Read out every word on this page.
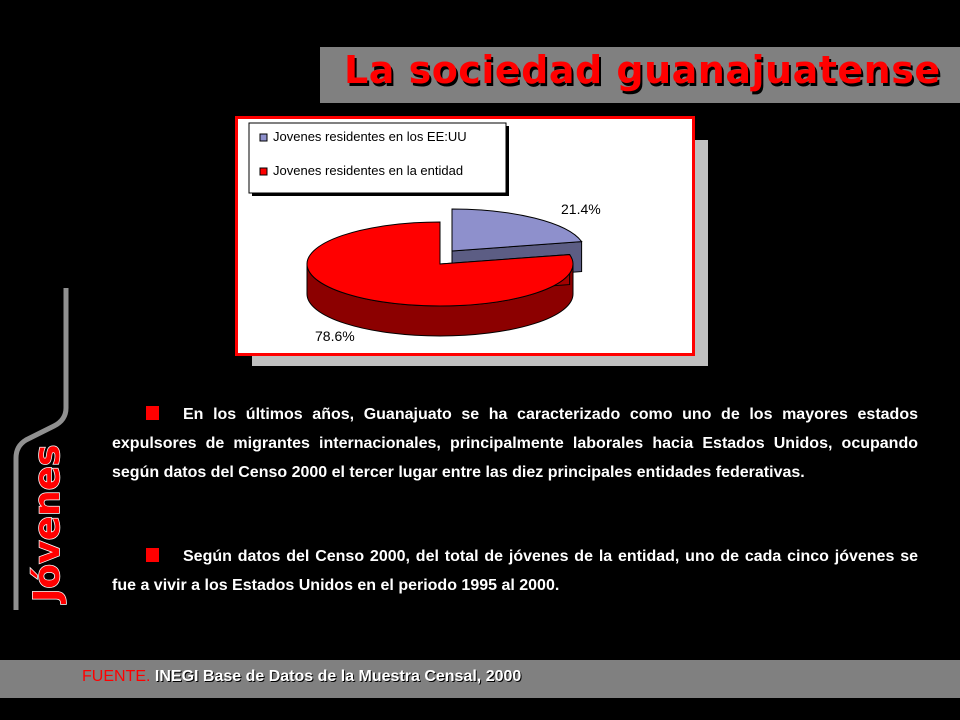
La sociedad guanajuatense
Jóvenes
21.4%
78.6%
Jovenes residentes en los EE:UU
Jovenes residentes en la entidad
En los últimos años, Guanajuato se ha caracterizado como uno de los mayores estados expulsores de migrantes internacionales, principalmente laborales hacia Estados Unidos, ocupando según datos del Censo 2000 el tercer lugar entre las diez principales entidades federativas.
Según datos del Censo 2000, del total de jóvenes de la entidad, uno de cada cinco jóvenes se fue a vivir a los Estados Unidos en el periodo 1995 al 2000.
FUENTE. INEGI Base de Datos de la Muestra Censal, 2000
